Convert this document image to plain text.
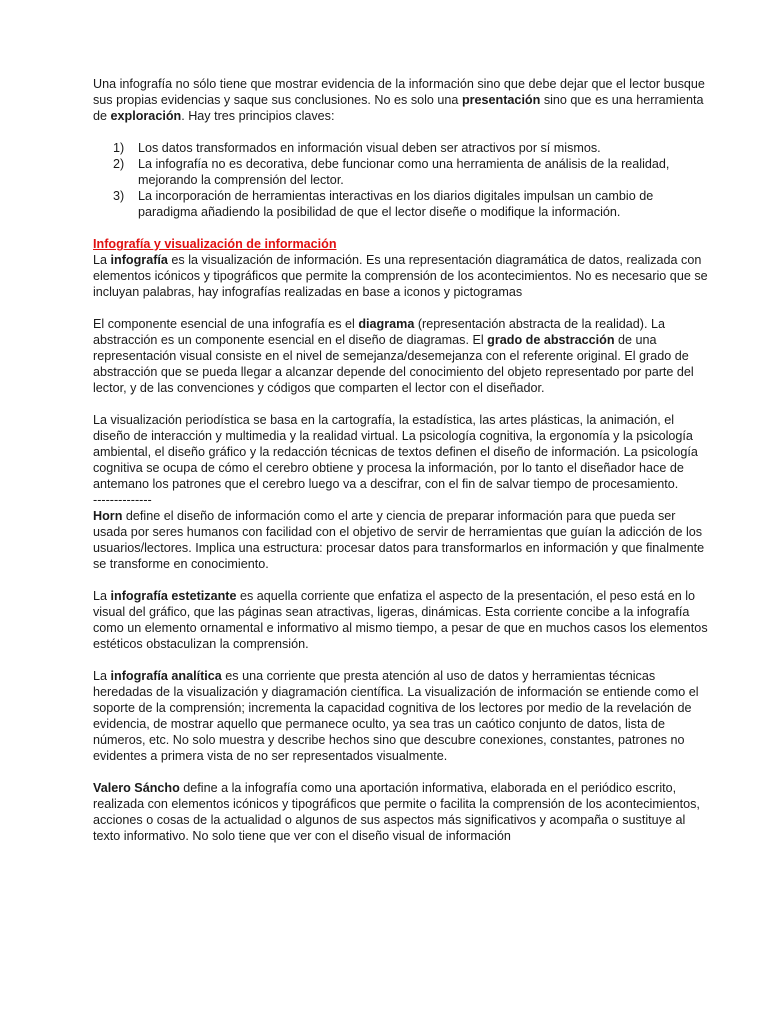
Una infografía no sólo tiene que mostrar evidencia de la información sino que debe dejar que el lector busque sus propias evidencias y saque sus conclusiones. No es solo una presentación sino que es una herramienta de exploración. Hay tres principios claves:

1) Los datos transformados en información visual deben ser atractivos por sí mismos.
2) La infografía no es decorativa, debe funcionar como una herramienta de análisis de la realidad, mejorando la comprensión del lector.
3) La incorporación de herramientas interactivas en los diarios digitales impulsan un cambio de paradigma añadiendo la posibilidad de que el lector diseñe o modifique la información.

Infografía y visualización de información

La infografía es la visualización de información. Es una representación diagramática de datos, realizada con elementos icónicos y tipográficos que permite la comprensión de los acontecimientos. No es necesario que se incluyan palabras, hay infografías realizadas en base a iconos y pictogramas

El componente esencial de una infografía es el diagrama (representación abstracta de la realidad). La abstracción es un componente esencial en el diseño de diagramas. El grado de abstracción de una representación visual consiste en el nivel de semejanza/desemejanza con el referente original. El grado de abstracción que se pueda llegar a alcanzar depende del conocimiento del objeto representado por parte del lector, y de las convenciones y códigos que comparten el lector con el diseñador.

La visualización periodística se basa en la cartografía, la estadística, las artes plásticas, la animación, el diseño de interacción y multimedia y la realidad virtual. La psicología cognitiva, la ergonomía y la psicología ambiental, el diseño gráfico y la redacción técnicas de textos definen el diseño de información. La psicología cognitiva se ocupa de cómo el cerebro obtiene y procesa la información, por lo tanto el diseñador hace de antemano los patrones que el cerebro luego va a descifrar, con el fin de salvar tiempo de procesamiento.

--------------

Horn define el diseño de información como el arte y ciencia de preparar información para que pueda ser usada por seres humanos con facilidad con el objetivo de servir de herramientas que guían la adicción de los usuarios/lectores. Implica una estructura: procesar datos para transformarlos en información y que finalmente se transforme en conocimiento.

La infografía estetizante es aquella corriente que enfatiza el aspecto de la presentación, el peso está en lo visual del gráfico, que las páginas sean atractivas, ligeras, dinámicas. Esta corriente concibe a la infografía como un elemento ornamental e informativo al mismo tiempo, a pesar de que en muchos casos los elementos estéticos obstaculizan la comprensión.

La infografía analítica es una corriente que presta atención al uso de datos y herramientas técnicas heredadas de la visualización y diagramación científica. La visualización de información se entiende como el soporte de la comprensión; incrementa la capacidad cognitiva de los lectores por medio de la revelación de evidencia, de mostrar aquello que permanece oculto, ya sea tras un caótico conjunto de datos, lista de números, etc. No solo muestra y describe hechos sino que descubre conexiones, constantes, patrones no evidentes a primera vista de no ser representados visualmente.

Valero Sáncho define a la infografía como una aportación informativa, elaborada en el periódico escrito, realizada con elementos icónicos y tipográficos que permite o facilita la comprensión de los acontecimientos, acciones o cosas de la actualidad o algunos de sus aspectos más significativos y acompaña o sustituye al texto informativo. No solo tiene que ver con el diseño visual de información
